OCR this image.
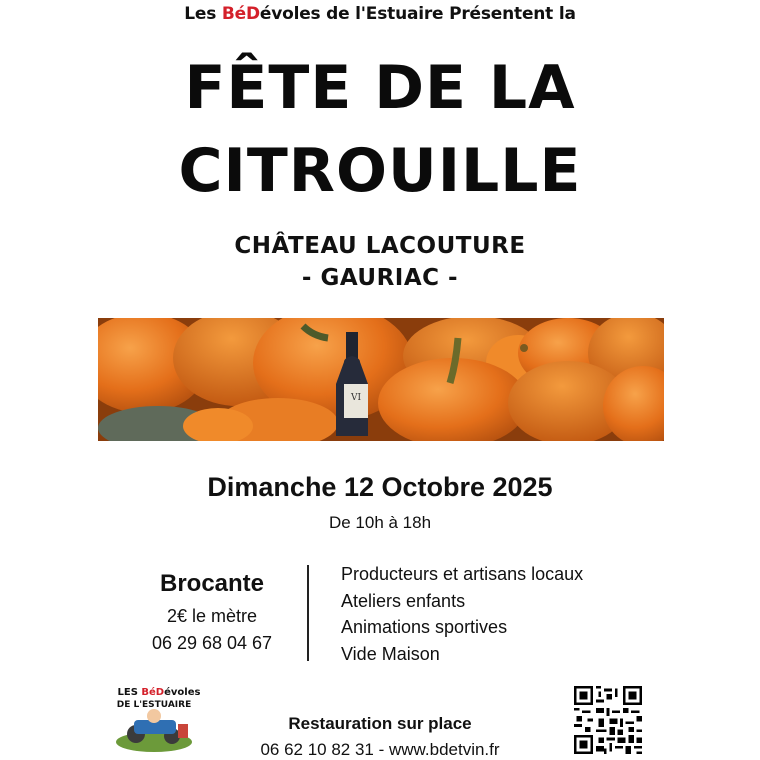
Les BéDévoles de l'Estuaire Présentent la
FÊTE DE LA
CITROUILLE
CHÂTEAU LACOUTURE
- GAURIAC -
VI
Dimanche 12 Octobre 2025
De 10h à 18h
Brocante
2€ le mètre
06 29 68 04 67
Producteurs et artisans locaux
Ateliers enfants
Animations sportives
Vide Maison
LES BéDévoles
DE L'ESTUAIRE
Restauration sur place
06 62 10 82 31 - www.bdetvin.fr
